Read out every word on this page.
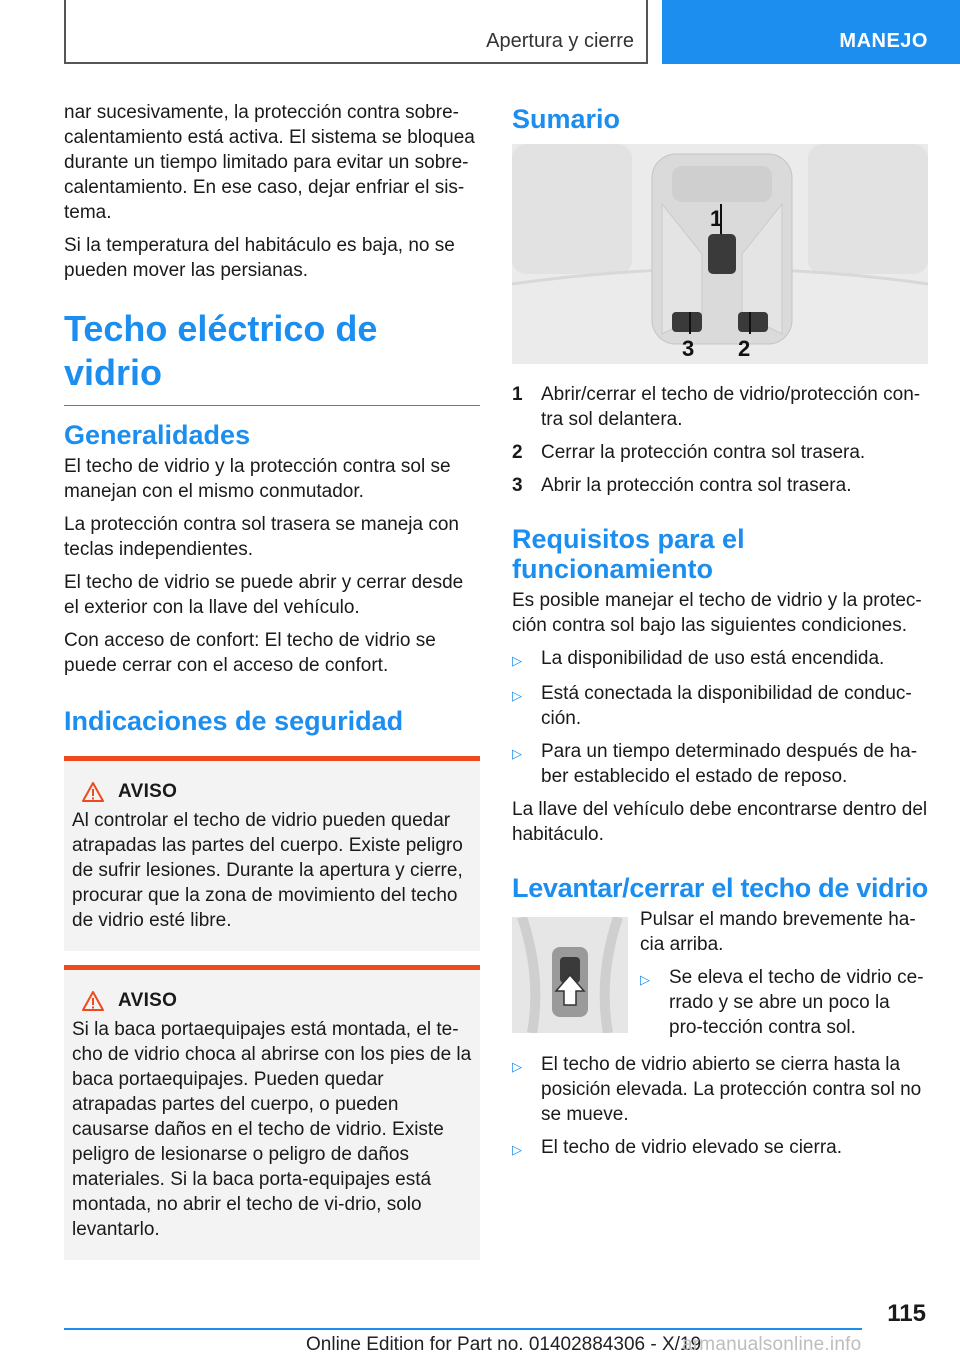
Apertura y cierre	MANEJO

nar sucesivamente, la protección contra sobre-calentamiento está activa. El sistema se bloquea durante un tiempo limitado para evitar un sobre-calentamiento. En ese caso, dejar enfriar el sis-tema.

Si la temperatura del habitáculo es baja, no se pueden mover las persianas.

Techo eléctrico de vidrio
Generalidades

El techo de vidrio y la protección contra sol se manejan con el mismo conmutador.

La protección contra sol trasera se maneja con teclas independientes.

El techo de vidrio se puede abrir y cerrar desde el exterior con la llave del vehículo.

Con acceso de confort: El techo de vidrio se puede cerrar con el acceso de confort.

Indicaciones de seguridad
AVISO

Al controlar el techo de vidrio pueden quedar atrapadas las partes del cuerpo. Existe peligro de sufrir lesiones. Durante la apertura y cierre, procurar que la zona de movimiento del techo de vidrio esté libre.

AVISO

Si la baca portaequipajes está montada, el te-cho de vidrio choca al abrirse con los pies de la baca portaequipajes. Pueden quedar atrapadas partes del cuerpo, o pueden causarse daños en el techo de vidrio. Existe peligro de lesionarse o peligro de daños materiales. Si la baca porta-equipajes está montada, no abrir el techo de vi-drio, solo levantarlo.

Sumario
1
2
3
1 Abrir/cerrar el techo de vidrio/protección con-tra sol delantera.
2 Cerrar la protección contra sol trasera.
3 Abrir la protección contra sol trasera.
Requisitos para el funcionamiento

Es posible manejar el techo de vidrio y la protec-ción contra sol bajo las siguientes condiciones.

▷	La disponibilidad de uso está encendida.
▷	Está conectada la disponibilidad de conduc-ción.
▷	Para un tiempo determinado después de ha-ber establecido el estado de reposo.

La llave del vehículo debe encontrarse dentro del habitáculo.

Levantar/cerrar el techo de vidrio

Pulsar el mando brevemente ha-cia arriba.

▷	Se eleva el techo de vidrio ce-rrado y se abre un poco la pro-tección contra sol.
▷	El techo de vidrio abierto se cierra hasta la posición elevada. La protección contra sol no se mueve.
▷	El techo de vidrio elevado se cierra.
115
Online Edition for Part no. 01402884306 - X/19
armanualsonline.info
